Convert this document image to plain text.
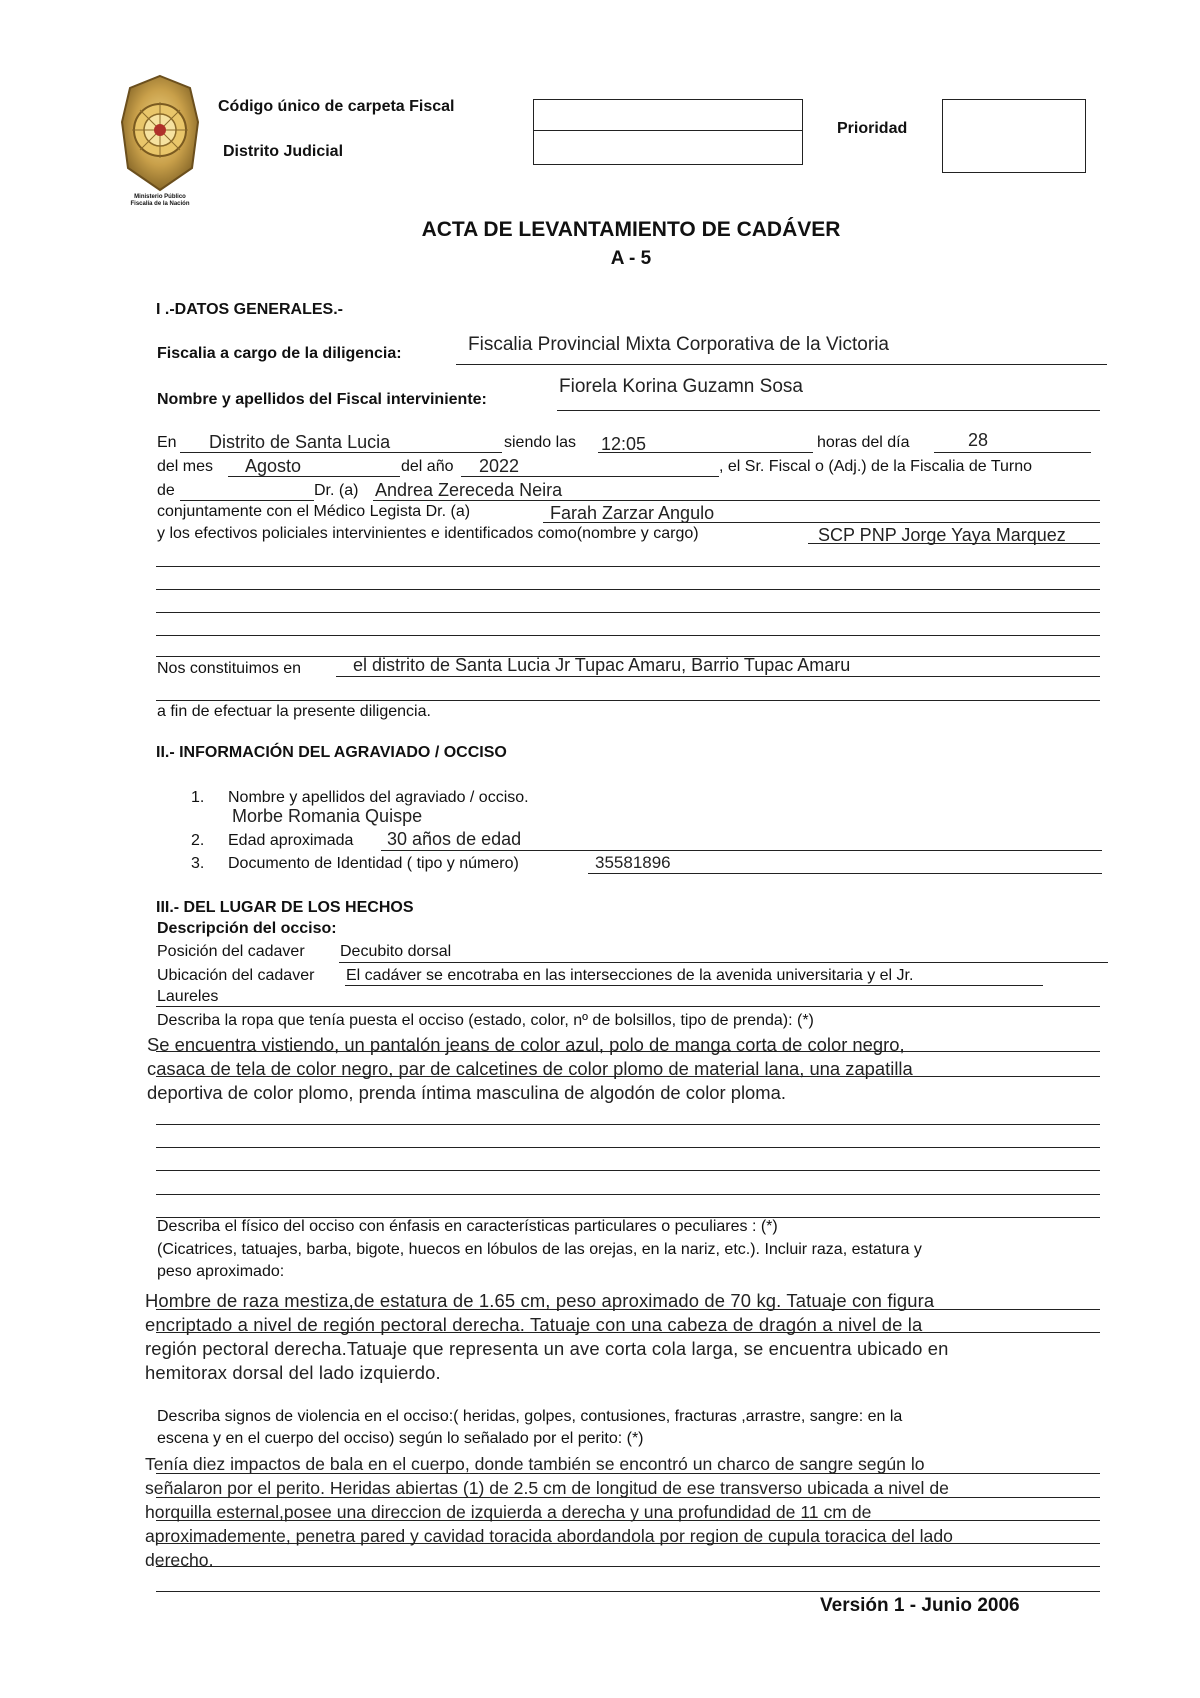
Ministerio Público
Fiscalía de la Nación
Código único de carpeta Fiscal
Distrito Judicial
Prioridad
ACTA DE LEVANTAMIENTO DE CADÁVER
A - 5
I .-DATOS GENERALES.-
Fiscalia a cargo de la diligencia:	Fiscalia Provincial Mixta Corporativa de la Victoria
Nombre y apellidos del Fiscal interviniente:
Fiorela Korina Guzamn Sosa
En Distrito de Santa Lucia	siendo las 12:05	horas del día	28
del mes Agosto	del año 2022	, el Sr. Fiscal o (Adj.) de la Fiscalia de Turno
de	Dr. (a) Andrea Zereceda Neira
conjuntamente con el Médico Legista Dr. (a)	Farah Zarzar Angulo
y los efectivos policiales intervinientes e identificados como(nombre y cargo)	SCP PNP Jorge Yaya Marquez
Nos constituimos en	el distrito de Santa Lucia Jr Tupac Amaru, Barrio Tupac Amaru
a fin de efectuar la presente diligencia.
II.- INFORMACIÓN DEL AGRAVIADO / OCCISO
1. Nombre y apellidos del agraviado / occiso.
Morbe Romania Quispe
2. Edad aproximada 30 años de edad
3. Documento de Identidad ( tipo y número)	35581896
III.- DEL LUGAR DE LOS HECHOS
Descripción del occiso:
Posición del cadaver Decubito dorsal
Ubicación del cadaver El cadáver se encotraba en las intersecciones de la avenida universitaria y el Jr.
Laureles
Describa la ropa que tenía puesta el occiso (estado, color, nº de bolsillos, tipo de prenda): (*)
Se encuentra vistiendo, un pantalón jeans de color azul, polo de manga corta de color negro,
casaca de tela de color negro, par de calcetines de color plomo de material lana, una zapatilla
deportiva de color plomo, prenda íntima masculina de algodón de color ploma.
Describa el físico del occiso con énfasis en características particulares o peculiares : (*)
(Cicatrices, tatuajes, barba, bigote, huecos en lóbulos de las orejas, en la nariz, etc.). Incluir raza, estatura y
peso aproximado:
Hombre de raza mestiza,de estatura de 1.65 cm, peso aproximado de 70 kg. Tatuaje con figura
encriptado a nivel de región pectoral derecha. Tatuaje con una cabeza de dragón a nivel de la
región pectoral derecha.Tatuaje que representa un ave corta cola larga, se encuentra ubicado en
hemitorax dorsal del lado izquierdo.
Describa signos de violencia en el occiso:( heridas, golpes, contusiones, fracturas ,arrastre, sangre: en la
escena y en el cuerpo del occiso) según lo señalado por el perito: (*)
Tenía diez impactos de bala en el cuerpo, donde también se encontró un charco de sangre según lo
señalaron por el perito. Heridas abiertas (1) de 2.5 cm de longitud de ese transverso ubicada a nivel de
horquilla esternal,posee una direccion de izquierda a derecha y una profundidad de 11 cm de
aproximademente, penetra pared y cavidad toracida abordandola por region de cupula toracica del lado
derecho.
Versión 1 - Junio 2006
